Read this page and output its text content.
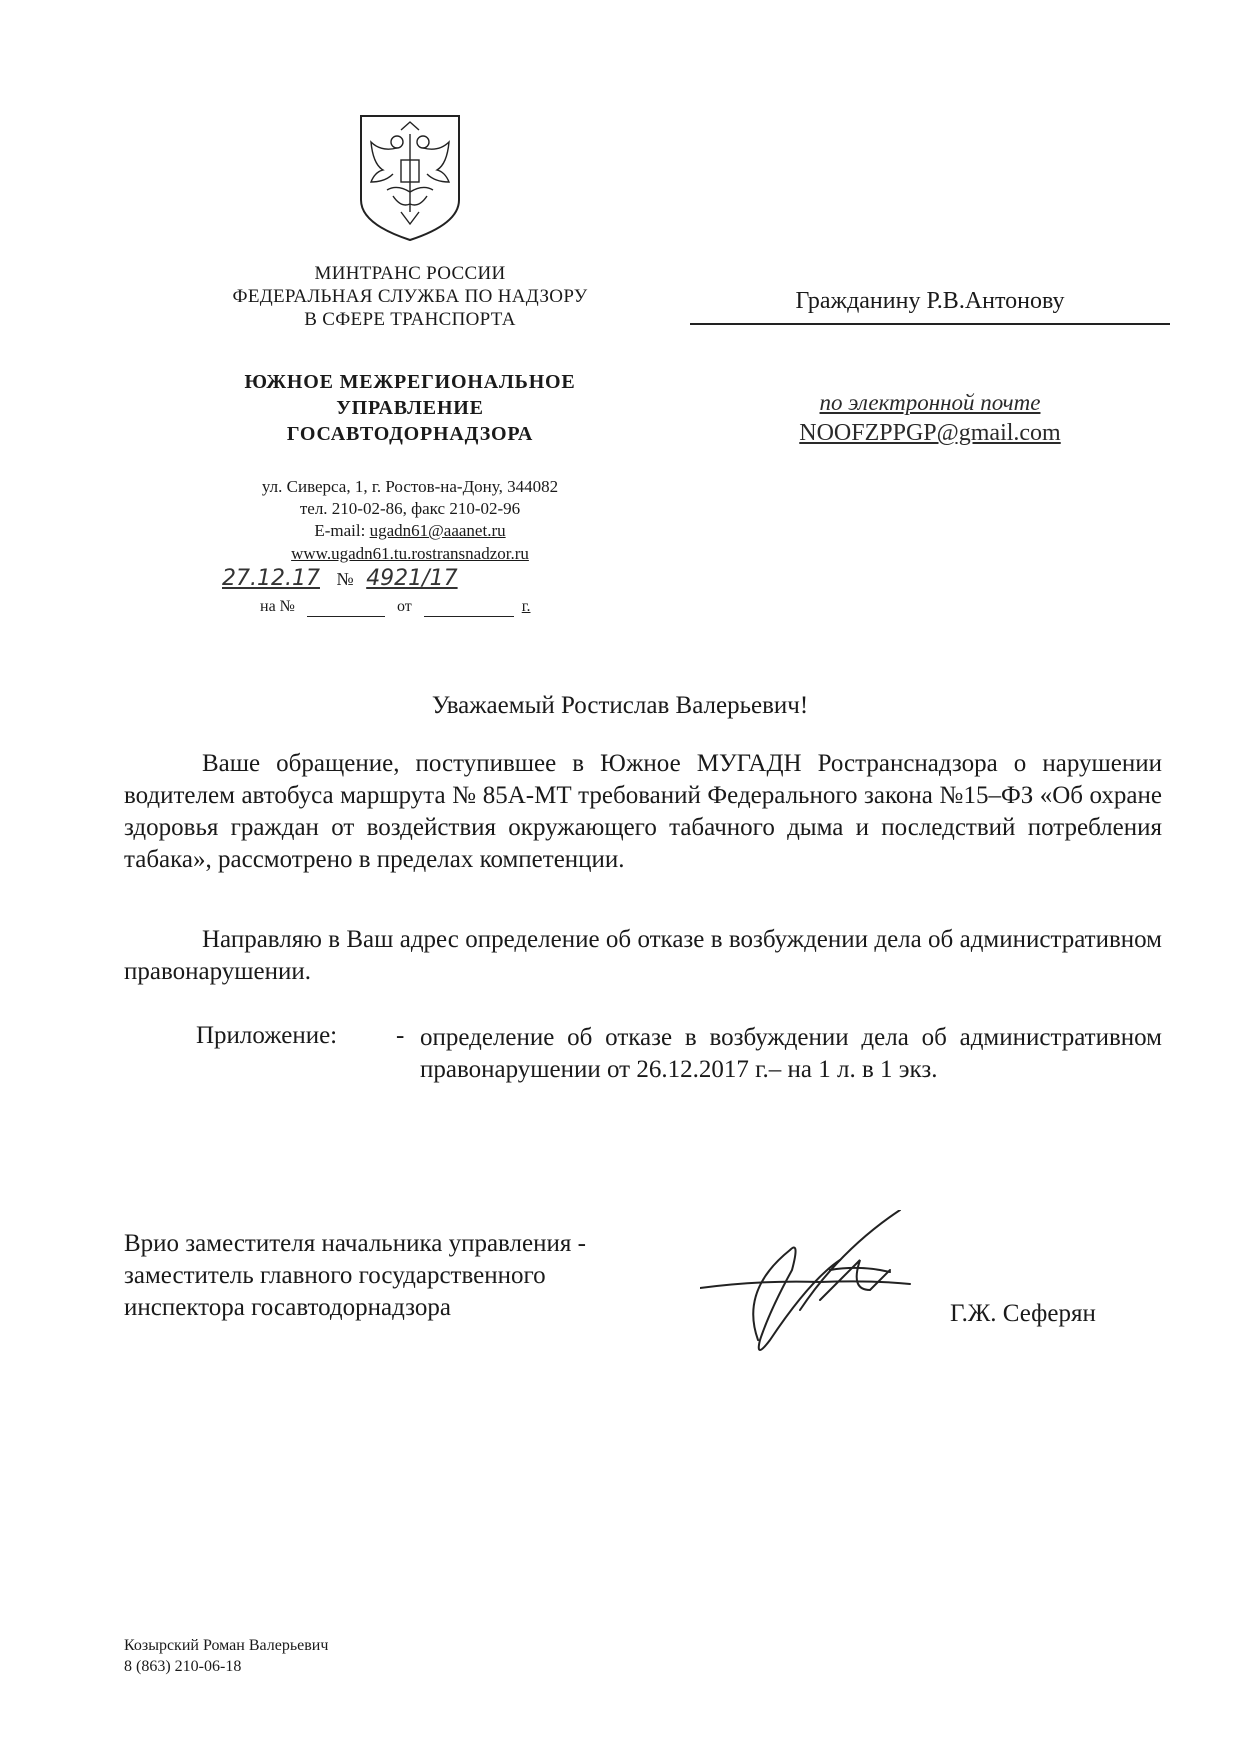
МИНТРАНС РОССИИ
ФЕДЕРАЛЬНАЯ СЛУЖБА ПО НАДЗОРУ
В СФЕРЕ ТРАНСПОРТА
ЮЖНОЕ МЕЖРЕГИОНАЛЬНОЕ
УПРАВЛЕНИЕ
ГОСАВТОДОРНАДЗОРА
ул. Сиверса, 1, г. Ростов-на-Дону, 344082
тел. 210-02-86, факс 210-02-96
E-mail: ugadn61@aaanet.ru
www.ugadn61.tu.rostransnadzor.ru
27.12.17 № 4921/17
на №	от	г.
Гражданину Р.В.Антонову
по электронной почте
NOOFZPPGP@gmail.com
Уважаемый Ростислав Валерьевич!
Ваше обращение, поступившее в Южное МУГАДН Ространснадзора о нарушении водителем автобуса маршрута № 85А-МТ требований Федерального закона №15–ФЗ «Об охране здоровья граждан от воздействия окружающего табачного дыма и последствий потребления табака», рассмотрено в пределах компетенции.
Направляю в Ваш адрес определение об отказе в возбуждении дела об административном правонарушении.
Приложение: - определение об отказе в возбуждении дела об административном правонарушении от 26.12.2017 г.– на 1 л. в 1 экз.
Врио заместителя начальника управления -
заместитель главного государственного
инспектора госавтодорнадзора	Г.Ж. Сеферян
Козырский Роман Валерьевич
8 (863) 210-06-18
